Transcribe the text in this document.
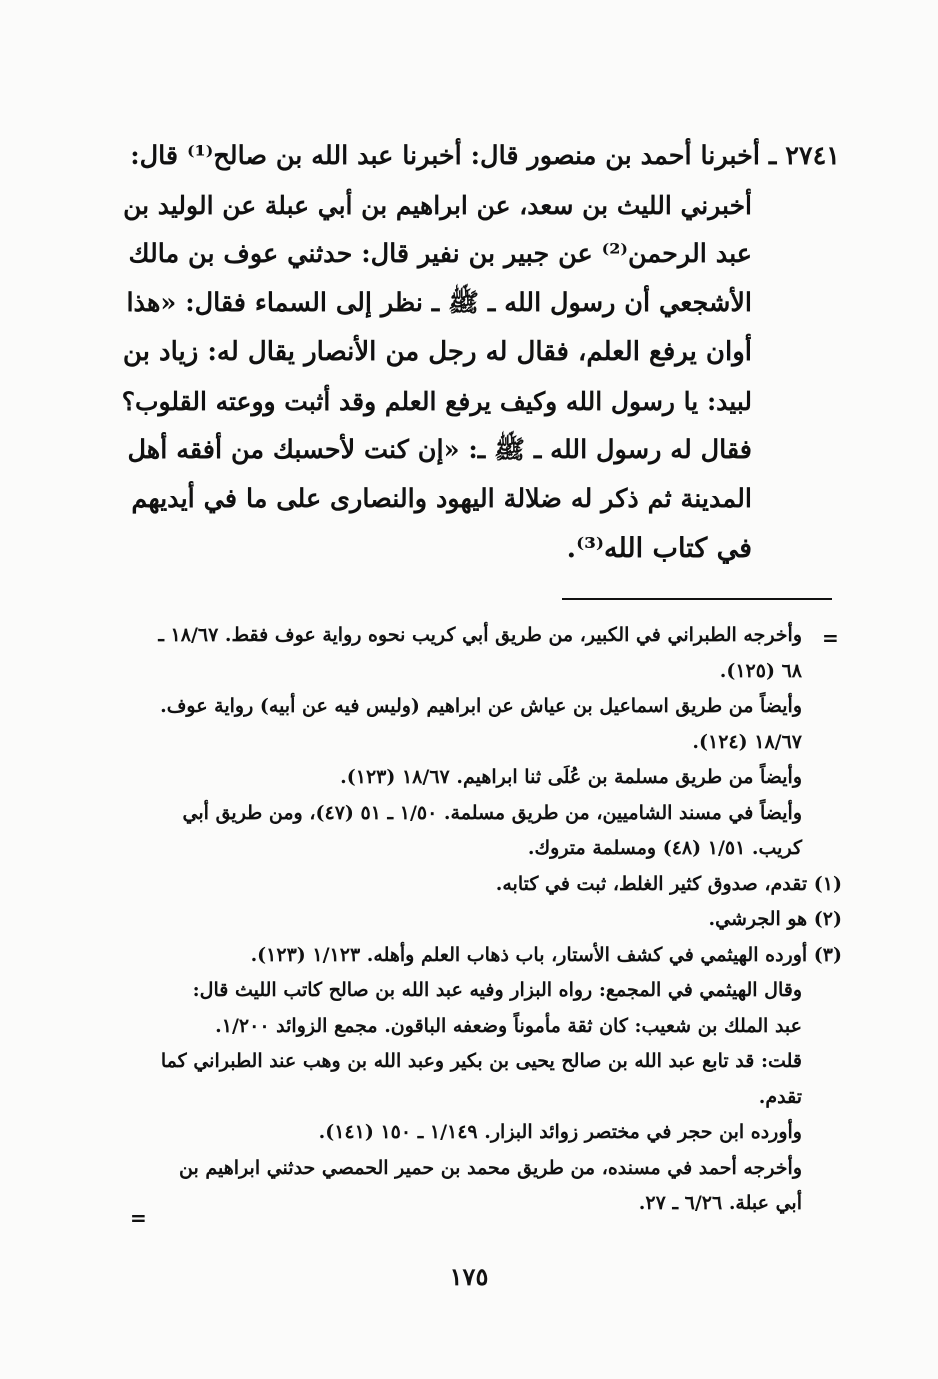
٢٧٤١ ـ أخبرنا أحمد بن منصور قال: أخبرنا عبد الله بن صالح⁽¹⁾ قال:
أخبرني الليث بن سعد، عن ابراهيم بن أبي عبلة عن الوليد بن
عبد الرحمن⁽²⁾ عن جبير بن نفير قال: حدثني عوف بن مالك
الأشجعي أن رسول الله ـ ﷺ ـ نظر إلى السماء فقال: «هذا
أوان يرفع العلم، فقال له رجل من الأنصار يقال له: زياد بن
لبيد: يا رسول الله وكيف يرفع العلم وقد أثبت ووعته القلوب؟
فقال له رسول الله ـ ﷺ ـ: «إن كنت لأحسبك من أفقه أهل
المدينة ثم ذكر له ضلالة اليهود والنصارى على ما في أيديهم
في كتاب الله⁽³⁾.
=
وأخرجه الطبراني في الكبير، من طريق أبي كريب نحوه رواية عوف فقط. ١٨/٦٧ ـ
٦٨ (١٢٥).
وأيضاً من طريق اسماعيل بن عياش عن ابراهيم (وليس فيه عن أبيه) رواية عوف.
١٨/٦٧ (١٢٤).
وأيضاً من طريق مسلمة بن عُلَى ثنا ابراهيم. ١٨/٦٧ (١٢٣).
وأيضاً في مسند الشاميين، من طريق مسلمة. ١/٥٠ ـ ٥١ (٤٧)، ومن طريق أبي
كريب. ١/٥١ (٤٨) ومسلمة متروك.
(١) تقدم، صدوق كثير الغلط، ثبت في كتابه.
(٢) هو الجرشي.
(٣) أورده الهيثمي في كشف الأستار، باب ذهاب العلم وأهله. ١/١٢٣ (١٢٣).
وقال الهيثمي في المجمع: رواه البزار وفيه عبد الله بن صالح كاتب الليث قال:
عبد الملك بن شعيب: كان ثقة مأموناً وضعفه الباقون. مجمع الزوائد ١/٢٠٠.
قلت: قد تابع عبد الله بن صالح يحيى بن بكير وعبد الله بن وهب عند الطبراني كما
تقدم.
وأورده ابن حجر في مختصر زوائد البزار. ١/١٤٩ ـ ١٥٠ (١٤١).
وأخرجه أحمد في مسنده، من طريق محمد بن حمير الحمصي حدثني ابراهيم بن
أبي عبلة. ٦/٢٦ ـ ٢٧.
=
١٧٥
